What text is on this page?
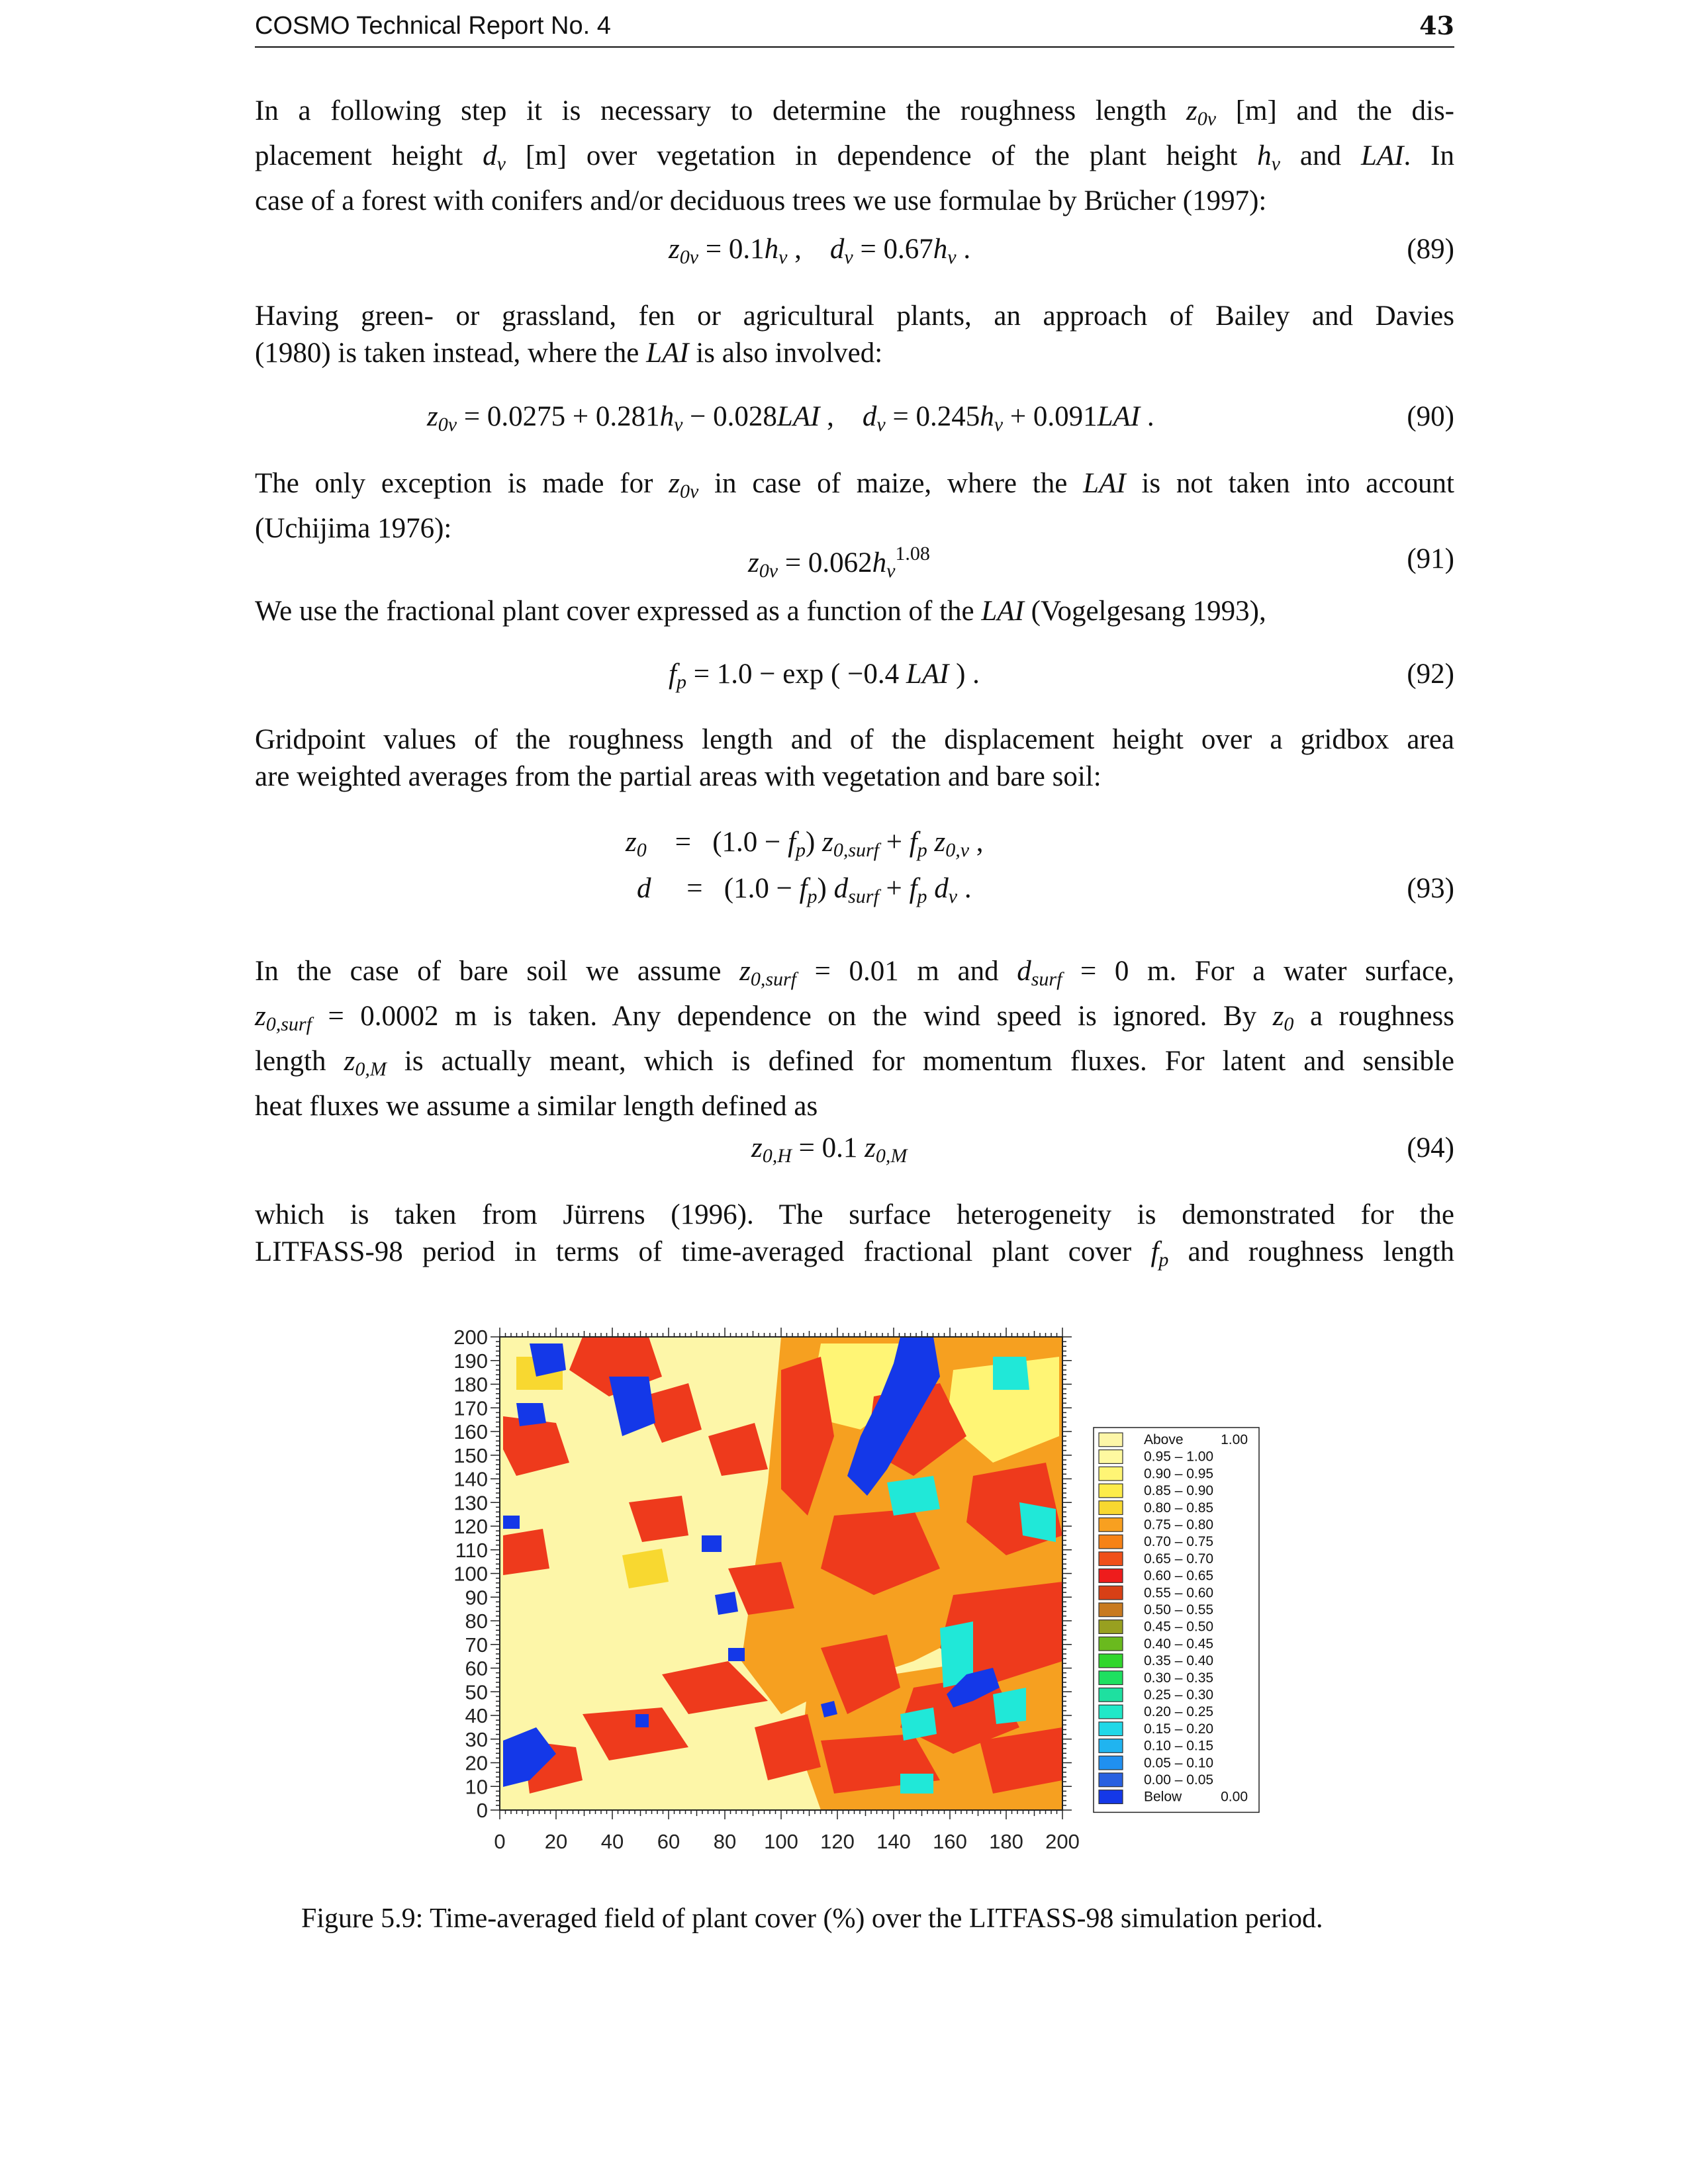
COSMO Technical Report No. 4	43
In a following step it is necessary to determine the roughness length $z_{0v}$ [m] and the dis-
placement height $d_v$ [m] over vegetation in dependence of the plant height $h_v$ and LAI. In
case of a forest with conifers and/or deciduous trees we use formulae by Brücher (1997):
$z_{0v} = 0.1h_v$ ,    $d_v = 0.67h_v$ .	(89)
Having green- or grassland, fen or agricultural plants, an approach of Bailey and Davies
(1980) is taken instead, where the LAI is also involved:
$z_{0v} = 0.0275 + 0.281h_v - 0.028LAI$ ,    $d_v = 0.245h_v + 0.091LAI$ .	(90)
The only exception is made for $z_{0v}$ in case of maize, where the LAI is not taken into account
(Uchijima 1976):
$z_{0v} = 0.062h_v^{1.08}$	(91)
We use the fractional plant cover expressed as a function of the LAI (Vogelgesang 1993),
$f_p = 1.0 - \exp$ ( −0.4 LAI ) .	(92)
Gridpoint values of the roughness length and of the displacement height over a gridbox area
are weighted averages from the partial areas with vegetation and bare soil:
$z_0$    =   $(1.0 - f_p)$ $z_{0,surf} + f_p$ $z_{0,v}$ ,
d     =   $(1.0 - f_p)$ $d_{surf} + f_p$ $d_v$ .	(93)
In the case of bare soil we assume $z_{0,surf} = 0.01$ m and $d_{surf} = 0$ m. For a water surface,
$z_{0,surf} = 0.0002$ m is taken. Any dependence on the wind speed is ignored. By $z_0$ a roughness
length $z_{0,M}$ is actually meant, which is defined for momentum fluxes. For latent and sensible
heat fluxes we assume a similar length defined as
$z_{0,H} = 0.1$ $z_{0,M}$	(94)
which is taken from Jürrens (1996). The surface heterogeneity is demonstrated for the
LITFASS-98 period in terms of time-averaged fractional plant cover $f_p$ and roughness length
0 20 40 60 80 100 120 140 160 180 200
0
10
20
30
40
50
60
70
80
90
100
110
120
130
140
150
160
170
180
190
200
Above	1.00
0.95 – 1.00
0.90 – 0.95
0.85 – 0.90
0.80 – 0.85
0.75 – 0.80
0.70 – 0.75
0.65 – 0.70
0.60 – 0.65
0.55 – 0.60
0.50 – 0.55
0.45 – 0.50
0.40 – 0.45
0.35 – 0.40
0.30 – 0.35
0.25 – 0.30
0.20 – 0.25
0.15 – 0.20
0.10 – 0.15
0.05 – 0.10
0.00 – 0.05
Below	0.00
Figure 5.9: Time-averaged field of plant cover (%) over the LITFASS-98 simulation period.
